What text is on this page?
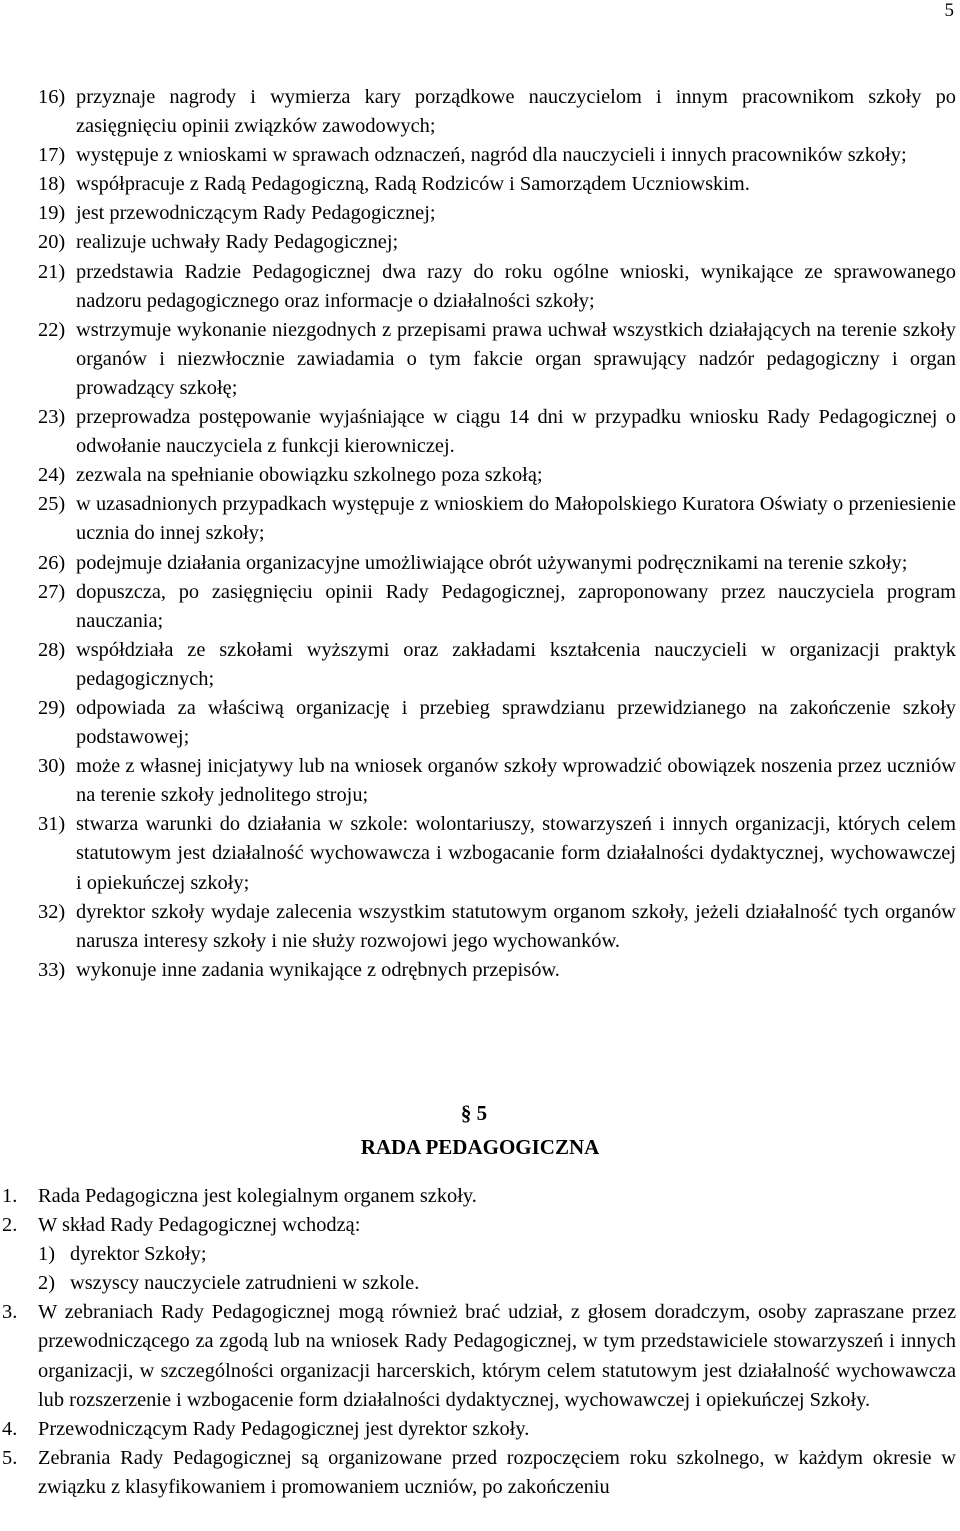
5
16) przyznaje nagrody i wymierza kary porządkowe nauczycielom i innym pracownikom szkoły po zasięgnięciu opinii związków zawodowych;
17) występuje z wnioskami w sprawach odznaczeń, nagród dla nauczycieli i innych pracowników szkoły;
18) współpracuje z Radą Pedagogiczną, Radą Rodziców i Samorządem Uczniowskim.
19) jest przewodniczącym Rady Pedagogicznej;
20) realizuje uchwały Rady Pedagogicznej;
21) przedstawia Radzie Pedagogicznej dwa razy do roku ogólne wnioski, wynikające ze sprawowanego nadzoru pedagogicznego oraz informacje o działalności szkoły;
22) wstrzymuje wykonanie niezgodnych z przepisami prawa uchwał wszystkich działających na terenie szkoły organów i niezwłocznie zawiadamia o tym fakcie organ sprawujący nadzór pedagogiczny i organ prowadzący szkołę;
23) przeprowadza postępowanie wyjaśniające w ciągu 14 dni w przypadku wniosku Rady Pedagogicznej o odwołanie nauczyciela z funkcji kierowniczej.
24) zezwala na spełnianie obowiązku szkolnego poza szkołą;
25) w uzasadnionych przypadkach występuje z wnioskiem do Małopolskiego Kuratora Oświaty o przeniesienie ucznia do innej szkoły;
26) podejmuje działania organizacyjne umożliwiające obrót używanymi podręcznikami na terenie szkoły;
27) dopuszcza, po zasięgnięciu opinii Rady Pedagogicznej, zaproponowany przez nauczyciela program nauczania;
28) współdziała ze szkołami wyższymi oraz zakładami kształcenia nauczycieli w organizacji praktyk pedagogicznych;
29) odpowiada za właściwą organizację i przebieg sprawdzianu przewidzianego na zakończenie szkoły podstawowej;
30) może z własnej inicjatywy lub na wniosek organów szkoły wprowadzić obowiązek noszenia przez uczniów na terenie szkoły jednolitego stroju;
31) stwarza warunki do działania w szkole: wolontariuszy, stowarzyszeń i innych organizacji, których celem statutowym jest działalność wychowawcza i wzbogacanie form działalności dydaktycznej, wychowawczej i opiekuńczej szkoły;
32) dyrektor szkoły wydaje zalecenia wszystkim statutowym organom szkoły, jeżeli działalność tych organów narusza interesy szkoły i nie służy rozwojowi jego wychowanków.
33) wykonuje inne zadania wynikające z odrębnych przepisów.
§ 5
RADA PEDAGOGICZNA
1.	Rada Pedagogiczna jest kolegialnym organem szkoły.
2.	W skład Rady Pedagogicznej wchodzą:
1) dyrektor Szkoły;
2) wszyscy nauczyciele zatrudnieni w szkole.
3.	W zebraniach Rady Pedagogicznej mogą również brać udział, z głosem doradczym, osoby zapraszane przez przewodniczącego za zgodą lub na wniosek Rady Pedagogicznej, w tym przedstawiciele stowarzyszeń i innych organizacji, w szczególności organizacji harcerskich, którym celem statutowym jest działalność wychowawcza lub rozszerzenie i wzbogacenie form działalności dydaktycznej, wychowawczej i opiekuńczej Szkoły.
4.	Przewodniczącym Rady Pedagogicznej jest dyrektor szkoły.
5.	Zebrania Rady Pedagogicznej są organizowane przed rozpoczęciem roku szkolnego, w każdym okresie w związku z klasyfikowaniem i promowaniem uczniów, po zakończeniu
